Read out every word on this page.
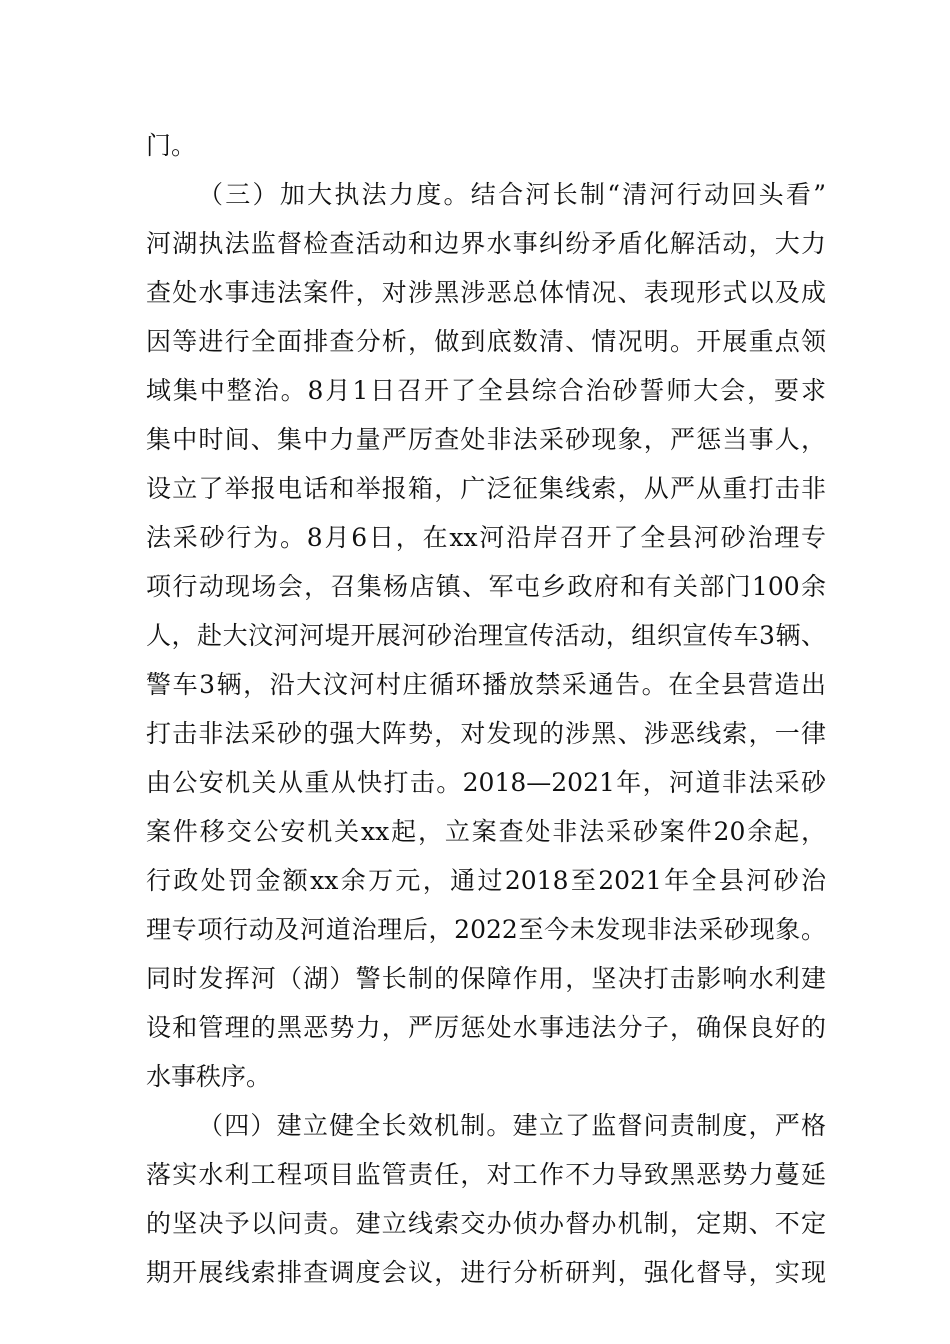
门。
（三）加大执法力度。结合河长制“清河行动回头看”
河湖执法监督检查活动和边界水事纠纷矛盾化解活动，大力
查处水事违法案件，对涉黑涉恶总体情况、表现形式以及成
因等进行全面排查分析，做到底数清、情况明。开展重点领
域集中整治。8月1日召开了全县综合治砂誓师大会，要求
集中时间、集中力量严厉查处非法采砂现象，严惩当事人，
设立了举报电话和举报箱，广泛征集线索，从严从重打击非
法采砂行为。8月6日，在xx河沿岸召开了全县河砂治理专
项行动现场会，召集杨店镇、军屯乡政府和有关部门100余
人，赴大汶河河堤开展河砂治理宣传活动，组织宣传车3辆、
警车3辆，沿大汶河村庄循环播放禁采通告。在全县营造出
打击非法采砂的强大阵势，对发现的涉黑、涉恶线索，一律
由公安机关从重从快打击。2018—2021年，河道非法采砂
案件移交公安机关xx起，立案查处非法采砂案件20余起，
行政处罚金额xx余万元，通过2018至2021年全县河砂治
理专项行动及河道治理后，2022至今未发现非法采砂现象。
同时发挥河（湖）警长制的保障作用，坚决打击影响水利建
设和管理的黑恶势力，严厉惩处水事违法分子，确保良好的
水事秩序。
（四）建立健全长效机制。建立了监督问责制度，严格
落实水利工程项目监管责任，对工作不力导致黑恶势力蔓延
的坚决予以问责。建立线索交办侦办督办机制，定期、不定
期开展线索排查调度会议，进行分析研判，强化督导，实现
